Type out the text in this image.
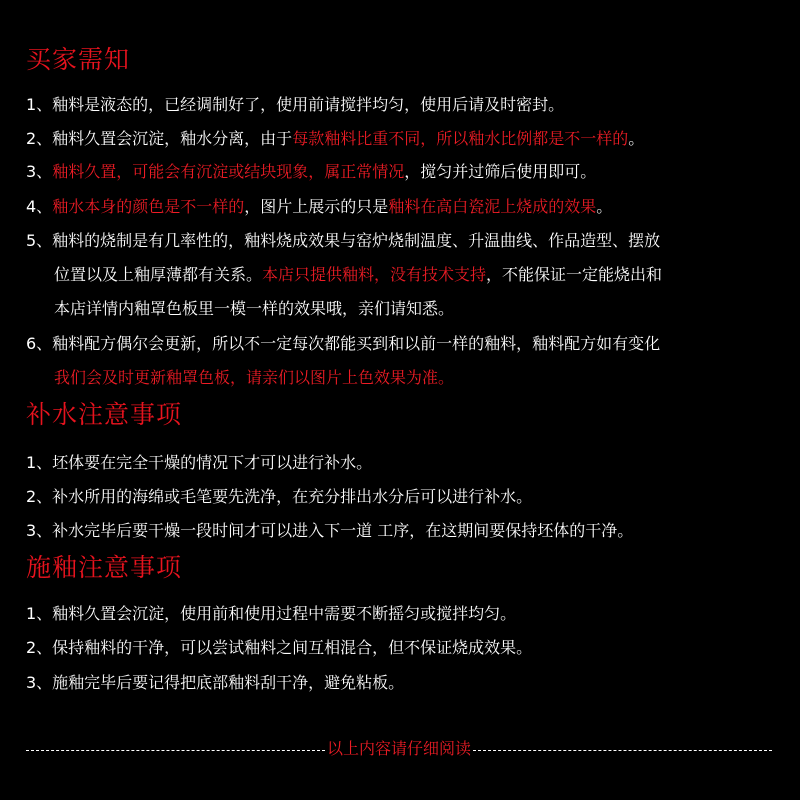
买家需知
1、釉料是液态的，已经调制好了，使用前请搅拌均匀，使用后请及时密封。
2、釉料久置会沉淀，釉水分离，由于每款釉料比重不同，所以釉水比例都是不一样的。
3、釉料久置，可能会有沉淀或结块现象，属正常情况，搅匀并过筛后使用即可。
4、釉水本身的颜色是不一样的，图片上展示的只是釉料在高白瓷泥上烧成的效果。
5、釉料的烧制是有几率性的，釉料烧成效果与窑炉烧制温度、升温曲线、作品造型、摆放
位置以及上釉厚薄都有关系。本店只提供釉料，没有技术支持，不能保证一定能烧出和
本店详情内釉罩色板里一模一样的效果哦，亲们请知悉。
6、釉料配方偶尔会更新，所以不一定每次都能买到和以前一样的釉料，釉料配方如有变化
我们会及时更新釉罩色板，请亲们以图片上色效果为准。
补水注意事项
1、坯体要在完全干燥的情况下才可以进行补水。
2、补水所用的海绵或毛笔要先洗净，在充分排出水分后可以进行补水。
3、补水完毕后要干燥一段时间才可以进入下一道 工序，在这期间要保持坯体的干净。
施釉注意事项
1、釉料久置会沉淀，使用前和使用过程中需要不断摇匀或搅拌均匀。
2、保持釉料的干净，可以尝试釉料之间互相混合，但不保证烧成效果。
3、施釉完毕后要记得把底部釉料刮干净，避免粘板。
以上内容请仔细阅读
